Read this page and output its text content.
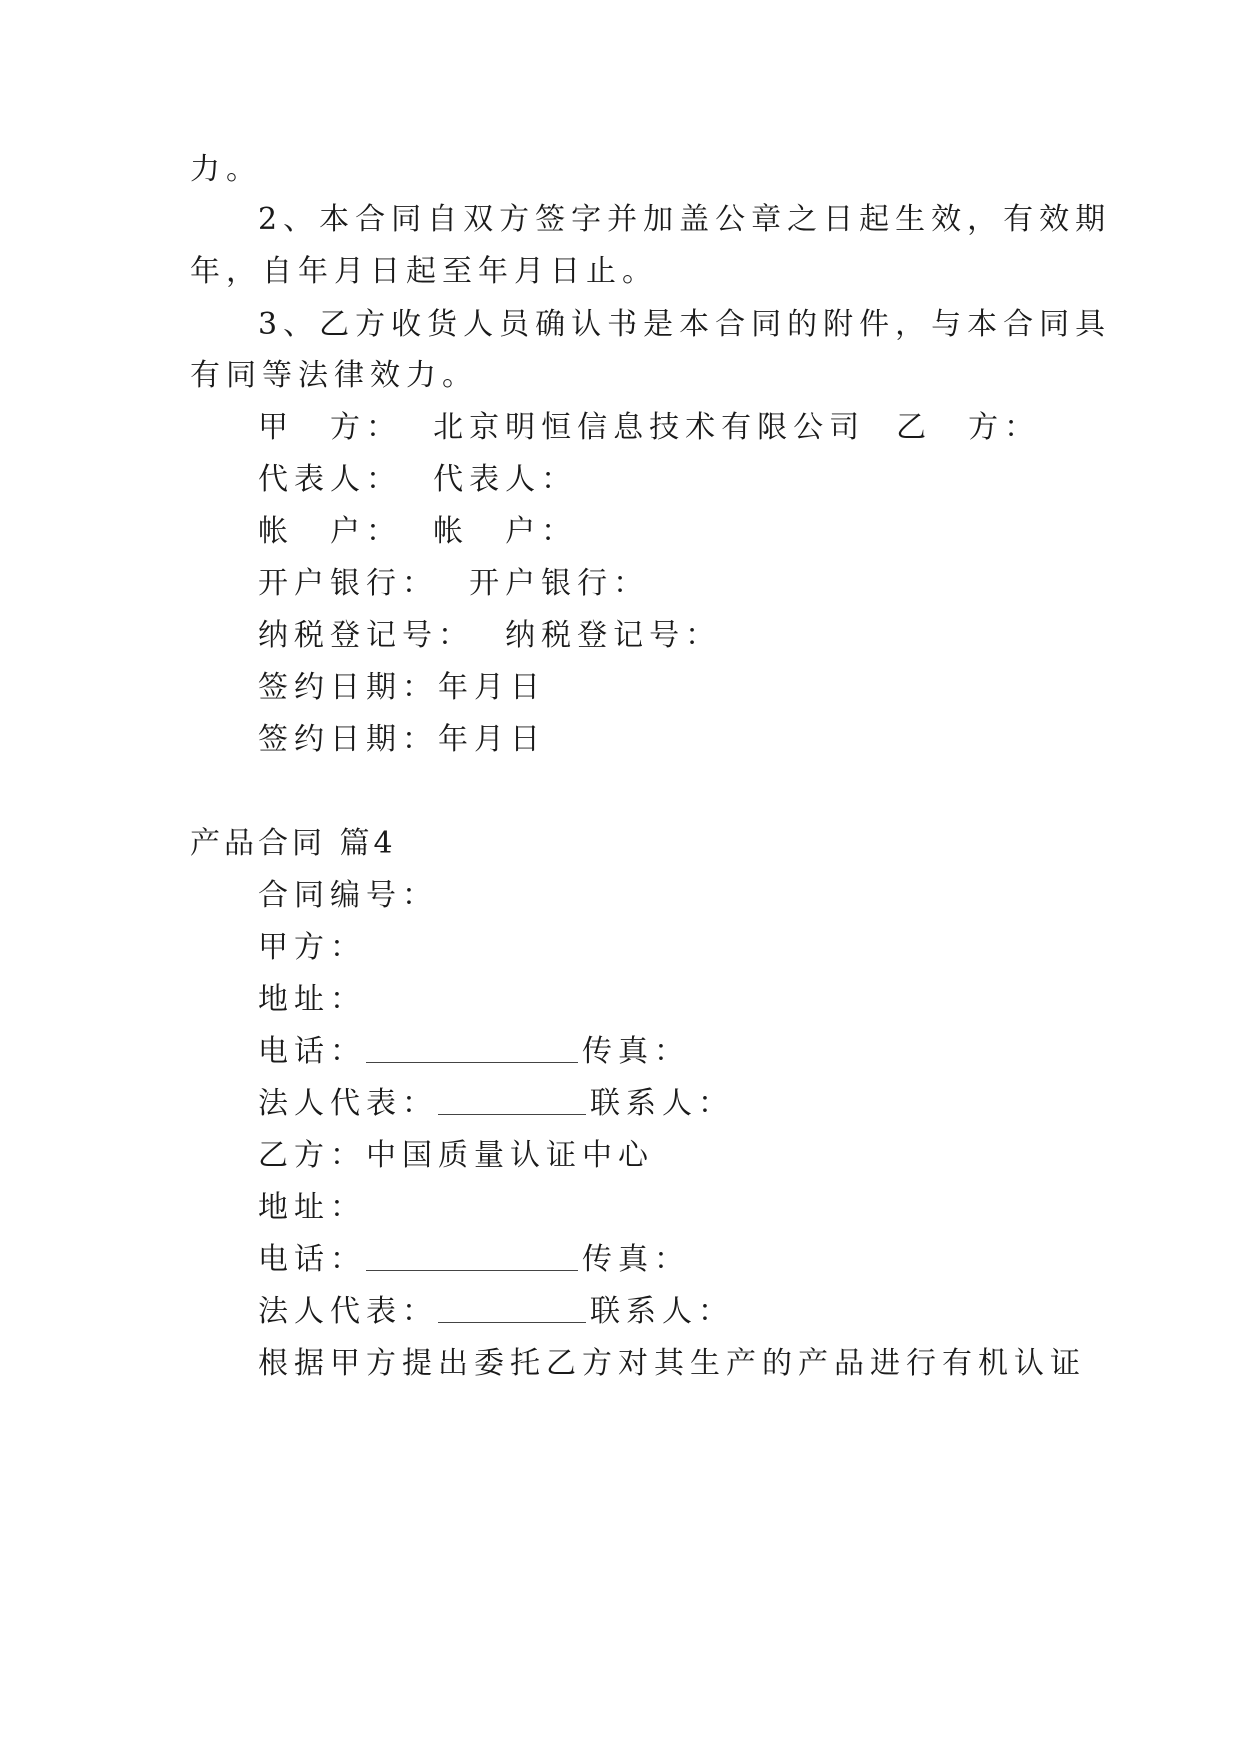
力。
2、本合同自双方签字并加盖公章之日起生效，有效期
年，自年月日起至年月日止。
3、乙方收货人员确认书是本合同的附件，与本合同具
有同等法律效力。
甲　方：  北京明恒信息技术有限公司  乙　方：
代表人：  代表人：
帐　户：  帐　户：
开户银行：  开户银行：
纳税登记号：  纳税登记号：
签约日期：年月日
签约日期：年月日
产品合同 篇4
合同编号：
甲方：
地址：
电话：	传真：
法人代表：	联系人：
乙方：中国质量认证中心
地址：
电话：	传真：
法人代表：	联系人：
根据甲方提出委托乙方对其生产的产品进行有机认证
